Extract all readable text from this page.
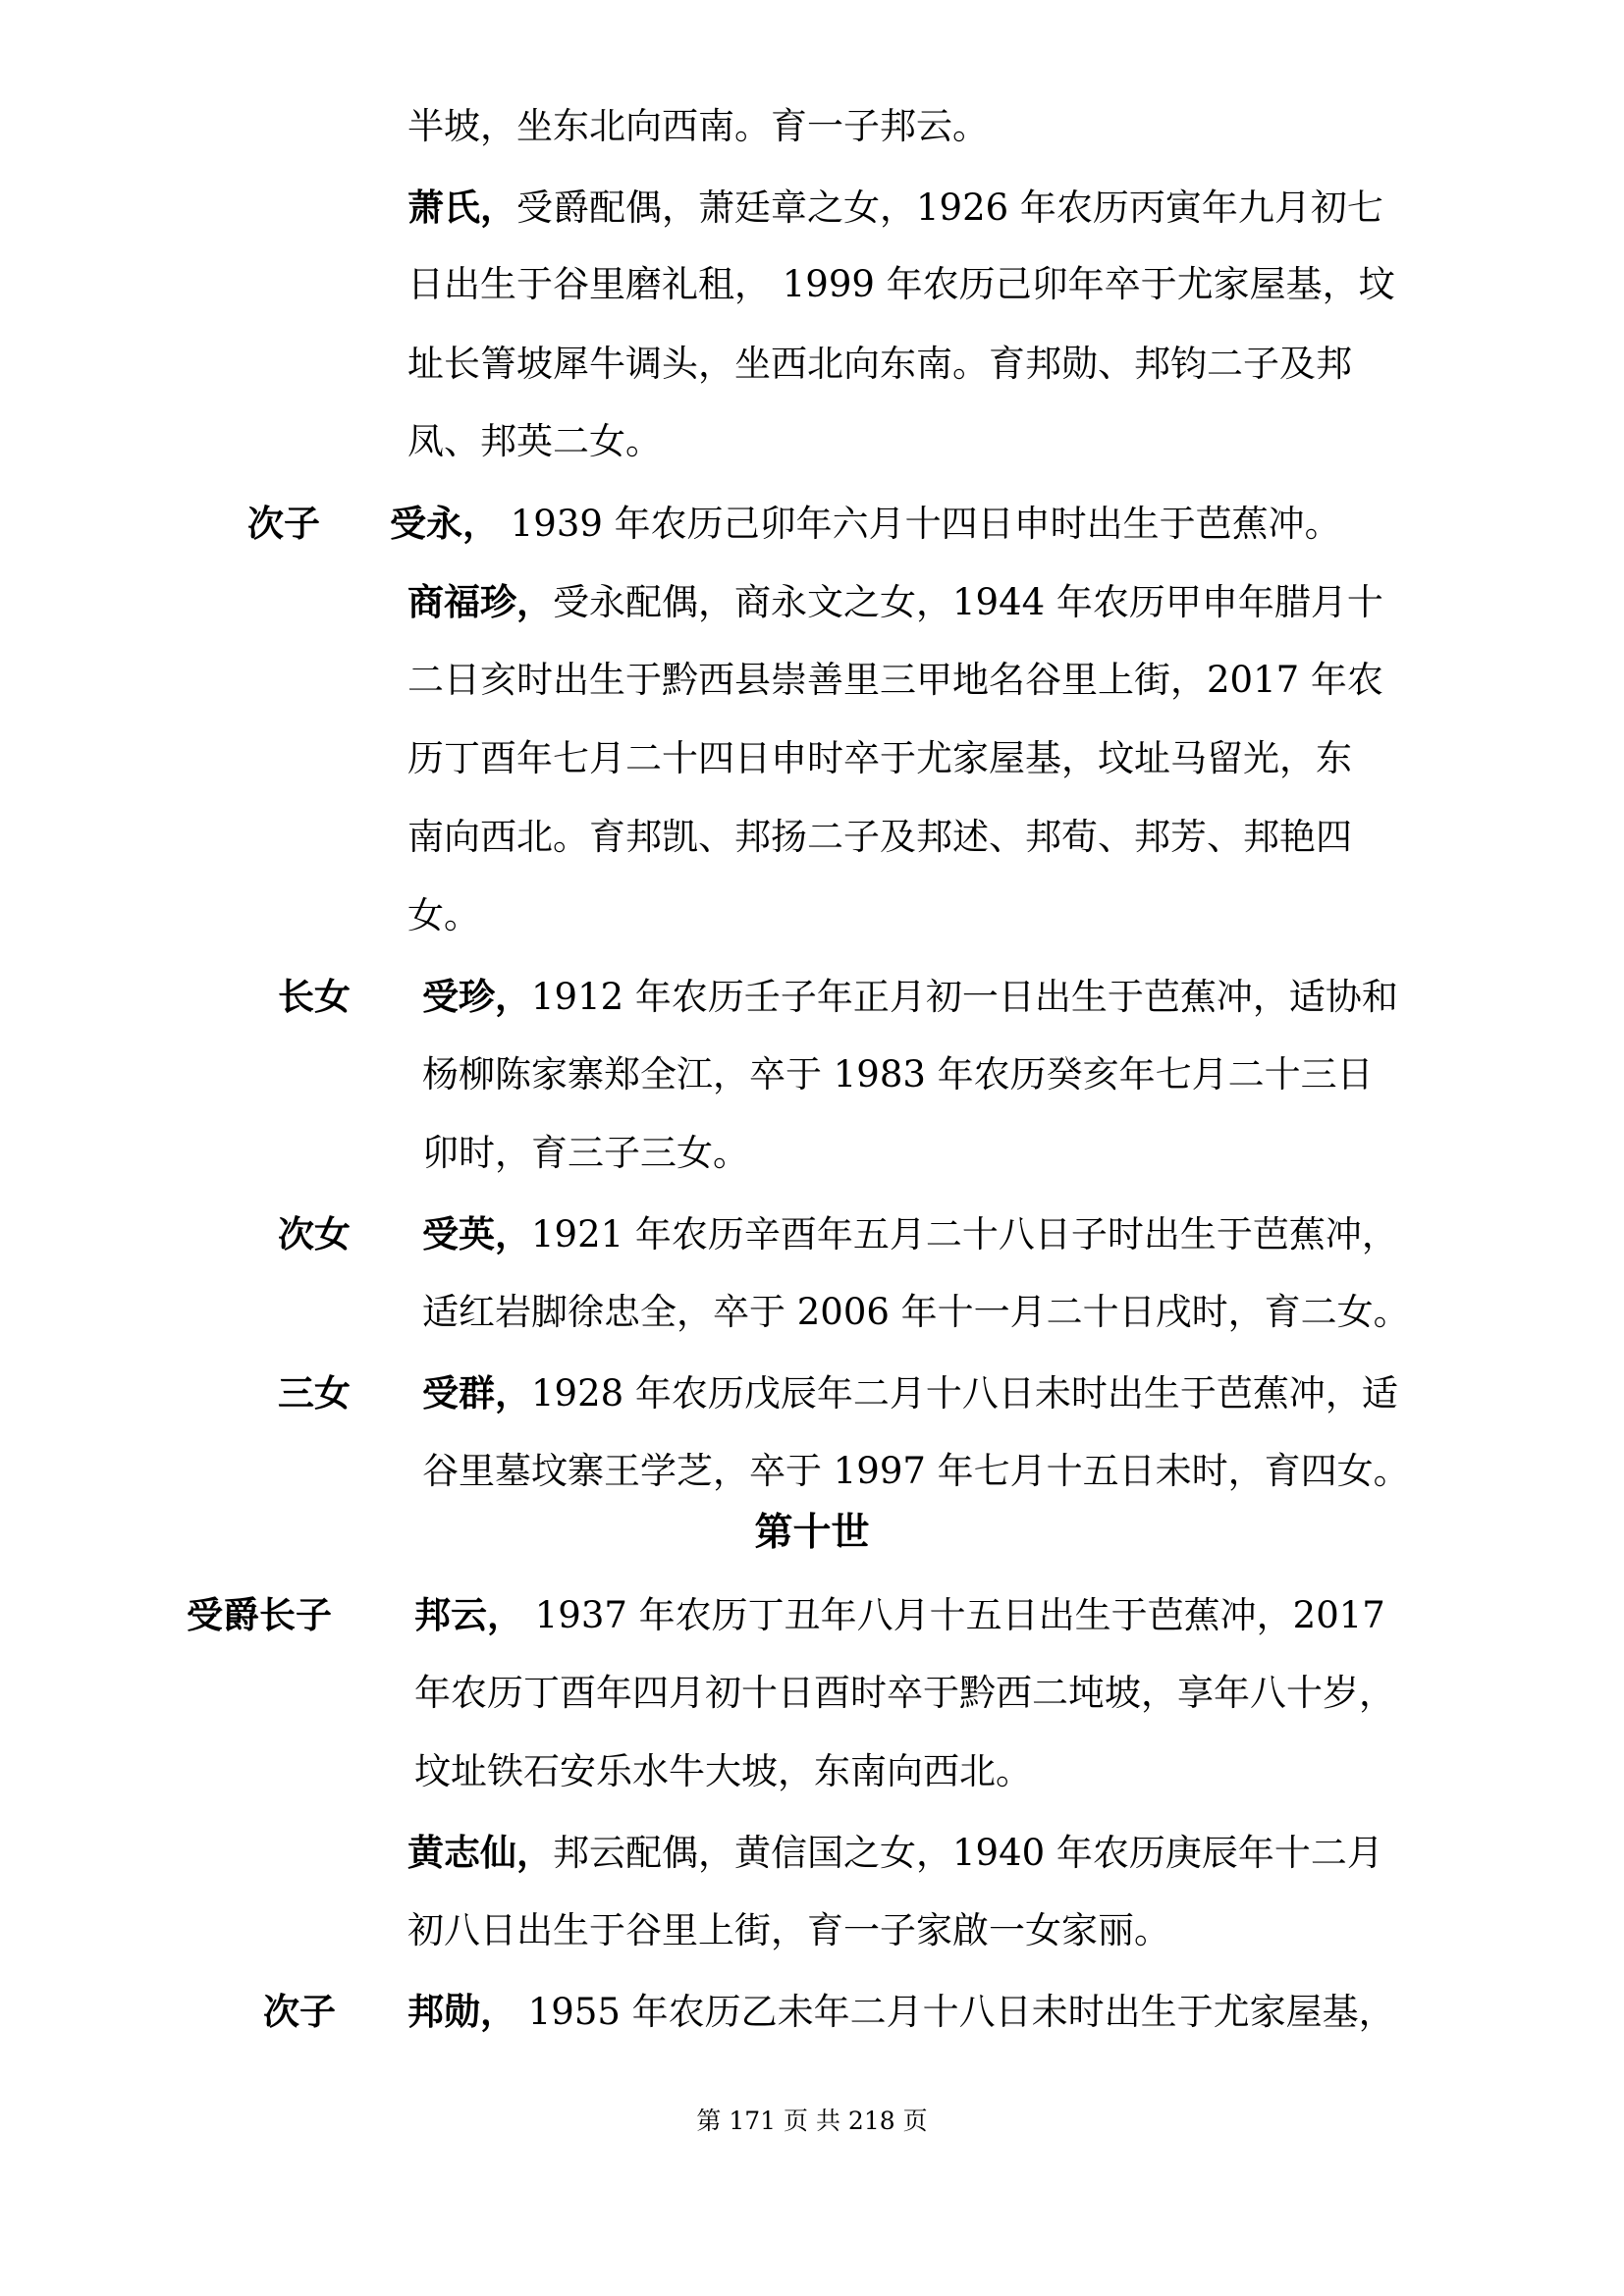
半坡，坐东北向西南。育一子邦云。
萧氏，受爵配偶，萧廷章之女，1926 年农历丙寅年九月初七
日出生于谷里磨礼租， 1999 年农历己卯年卒于尤家屋基，坟
址长箐坡犀牛调头，坐西北向东南。育邦勋、邦钧二子及邦
凤、邦英二女。
次子 受永， 1939 年农历己卯年六月十四日申时出生于芭蕉冲。
商福珍，受永配偶，商永文之女，1944 年农历甲申年腊月十
二日亥时出生于黔西县崇善里三甲地名谷里上街，2017 年农
历丁酉年七月二十四日申时卒于尤家屋基，坟址马留光，东
南向西北。育邦凯、邦扬二子及邦述、邦荀、邦芳、邦艳四
女。
长女 受珍，1912 年农历壬子年正月初一日出生于芭蕉冲，适协和
杨柳陈家寨郑全江，卒于 1983 年农历癸亥年七月二十三日
卯时，育三子三女。
次女 受英，1921 年农历辛酉年五月二十八日子时出生于芭蕉冲，
适红岩脚徐忠全，卒于 2006 年十一月二十日戌时，育二女。
三女 受群，1928 年农历戊辰年二月十八日未时出生于芭蕉冲，适
谷里墓坟寨王学芝，卒于 1997 年七月十五日未时，育四女。
第十世
受爵长子 邦云， 1937 年农历丁丑年八月十五日出生于芭蕉冲，2017
年农历丁酉年四月初十日酉时卒于黔西二坉坡，享年八十岁，
坟址铁石安乐水牛大坡，东南向西北。
黄志仙，邦云配偶，黄信国之女，1940 年农历庚辰年十二月
初八日出生于谷里上街，育一子家啟一女家丽。
次子 邦勋， 1955 年农历乙未年二月十八日未时出生于尤家屋基，
第 171 页 共 218 页
